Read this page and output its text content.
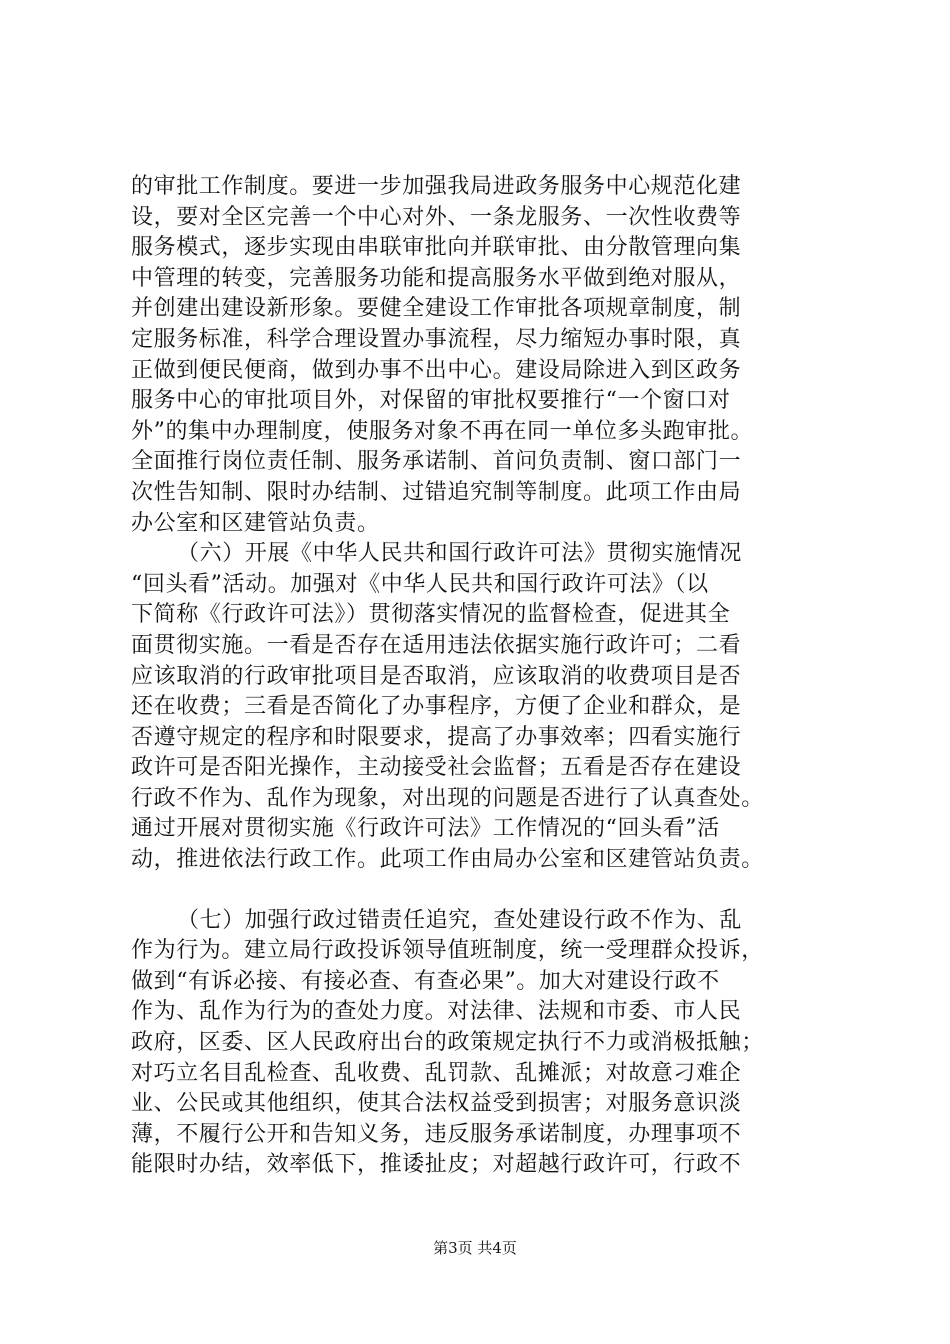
的审批工作制度。要进一步加强我局进政务服务中心规范化建
设，要对全区完善一个中心对外、一条龙服务、一次性收费等
服务模式，逐步实现由串联审批向并联审批、由分散管理向集
中管理的转变，完善服务功能和提高服务水平做到绝对服从，
并创建出建设新形象。要健全建设工作审批各项规章制度，制
定服务标准，科学合理设置办事流程，尽力缩短办事时限，真
正做到便民便商，做到办事不出中心。建设局除进入到区政务
服务中心的审批项目外，对保留的审批权要推行“一个窗口对
外”的集中办理制度，使服务对象不再在同一单位多头跑审批。
全面推行岗位责任制、服务承诺制、首问负责制、窗口部门一
次性告知制、限时办结制、过错追究制等制度。此项工作由局
办公室和区建管站负责。
（六）开展《中华人民共和国行政许可法》贯彻实施情况
“回头看”活动。加强对《中华人民共和国行政许可法》（以
下简称《行政许可法》）贯彻落实情况的监督检查，促进其全
面贯彻实施。一看是否存在适用违法依据实施行政许可；二看
应该取消的行政审批项目是否取消，应该取消的收费项目是否
还在收费；三看是否简化了办事程序，方便了企业和群众，是
否遵守规定的程序和时限要求，提高了办事效率；四看实施行
政许可是否阳光操作，主动接受社会监督；五看是否存在建设
行政不作为、乱作为现象，对出现的问题是否进行了认真查处。
通过开展对贯彻实施《行政许可法》工作情况的“回头看”活
动，推进依法行政工作。此项工作由局办公室和区建管站负责。
（七）加强行政过错责任追究，查处建设行政不作为、乱
作为行为。建立局行政投诉领导值班制度，统一受理群众投诉，
做到“有诉必接、有接必查、有查必果”。加大对建设行政不
作为、乱作为行为的查处力度。对法律、法规和市委、市人民
政府，区委、区人民政府出台的政策规定执行不力或消极抵触；
对巧立名目乱检查、乱收费、乱罚款、乱摊派；对故意刁难企
业、公民或其他组织，使其合法权益受到损害；对服务意识淡
薄，不履行公开和告知义务，违反服务承诺制度，办理事项不
能限时办结，效率低下，推诿扯皮；对超越行政许可，行政不
第3页 共4页
